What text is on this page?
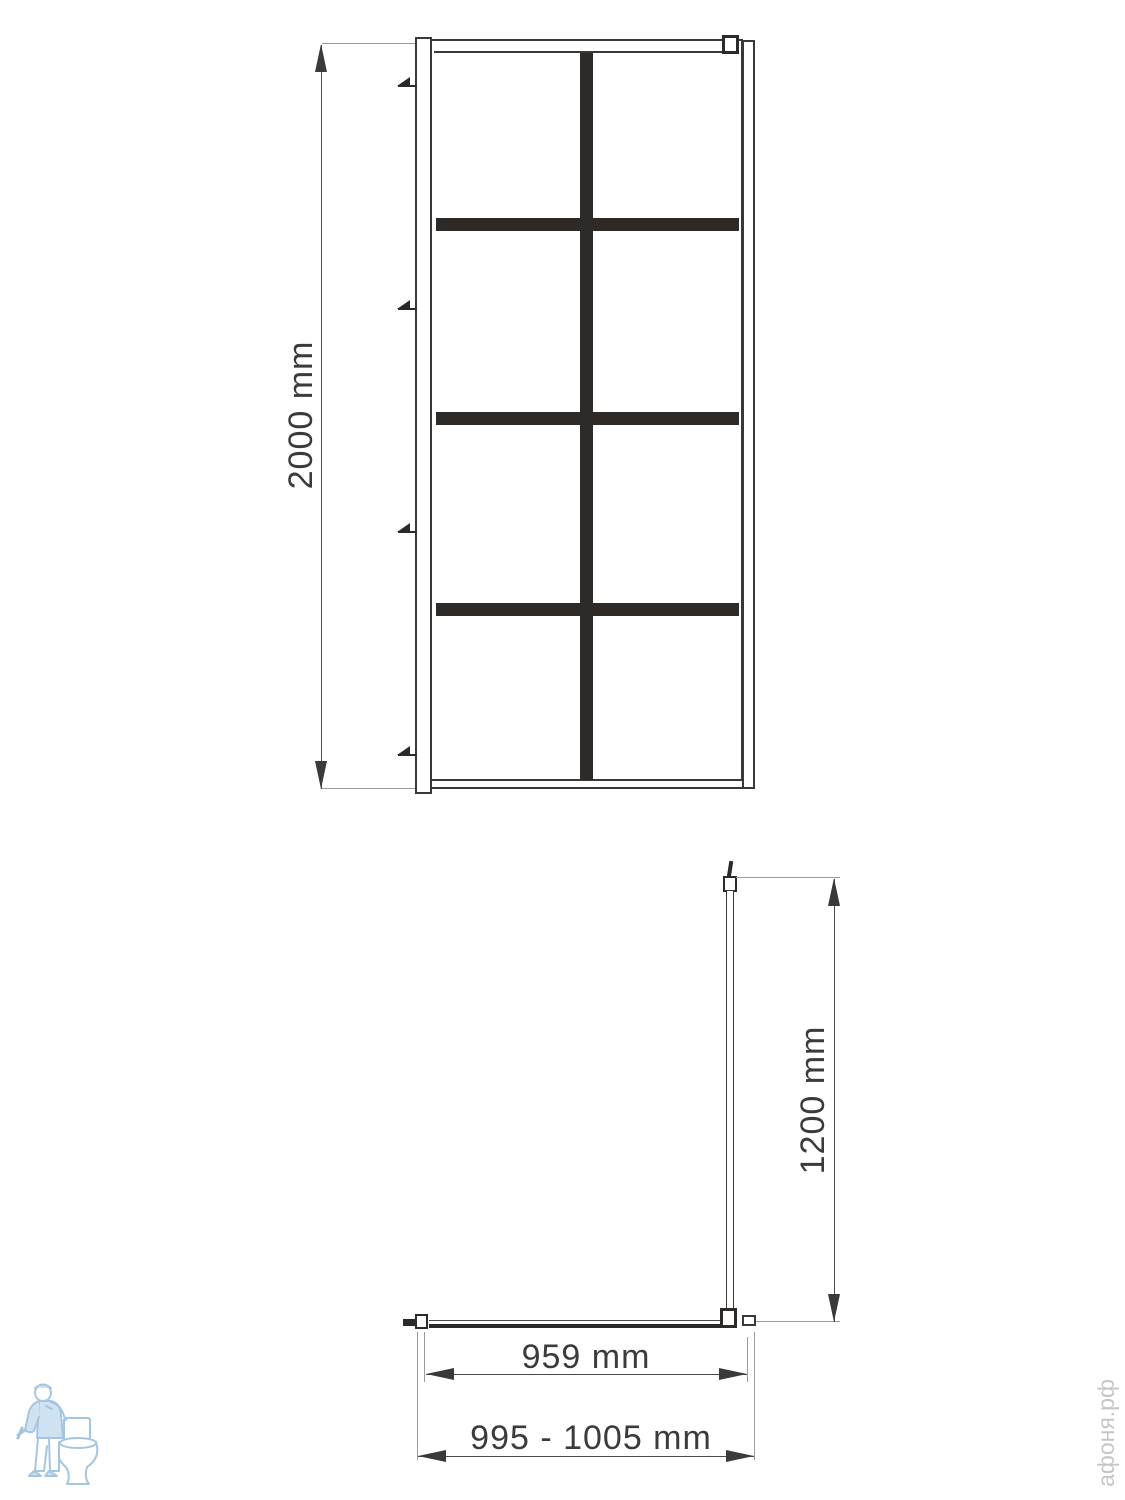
2000 mm
1200 mm
959 mm
995 - 1005 mm	афоня.рф
